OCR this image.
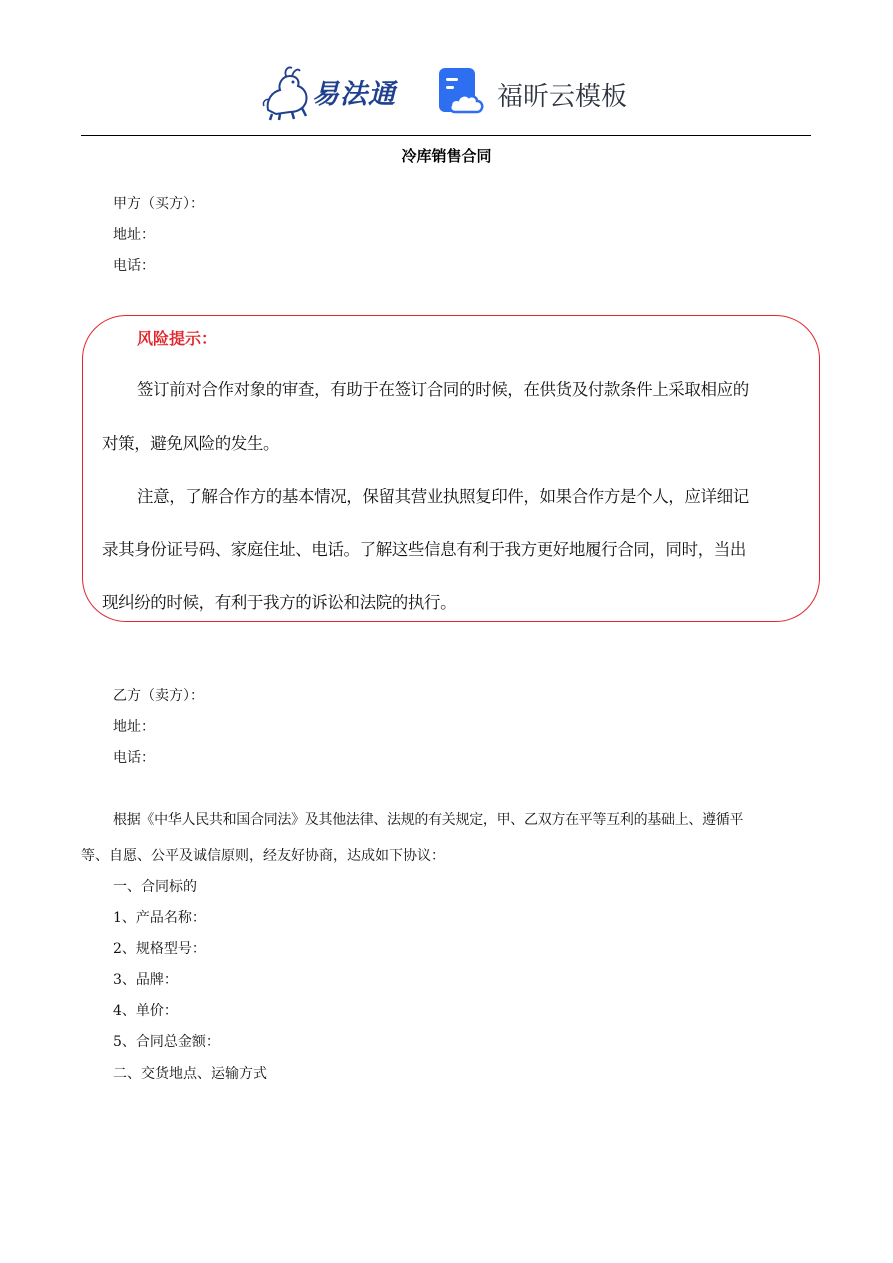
易法通	福昕云模板
冷库销售合同
甲方（买方）：
地址：
电话：
风险提示：
签订前对合作对象的审查，有助于在签订合同的时候，在供货及付款条件上采取相应的
对策，避免风险的发生。
注意，了解合作方的基本情况，保留其营业执照复印件，如果合作方是个人，应详细记
录其身份证号码、家庭住址、电话。了解这些信息有利于我方更好地履行合同，同时，当出
现纠纷的时候，有利于我方的诉讼和法院的执行。
乙方（卖方）：
地址：
电话：
根据《中华人民共和国合同法》及其他法律、法规的有关规定，甲、乙双方在平等互利的基础上、遵循平
等、自愿、公平及诚信原则，经友好协商，达成如下协议：
一、合同标的
1、产品名称：
2、规格型号：
3、品牌：
4、单价：
5、合同总金额：
二、交货地点、运输方式
